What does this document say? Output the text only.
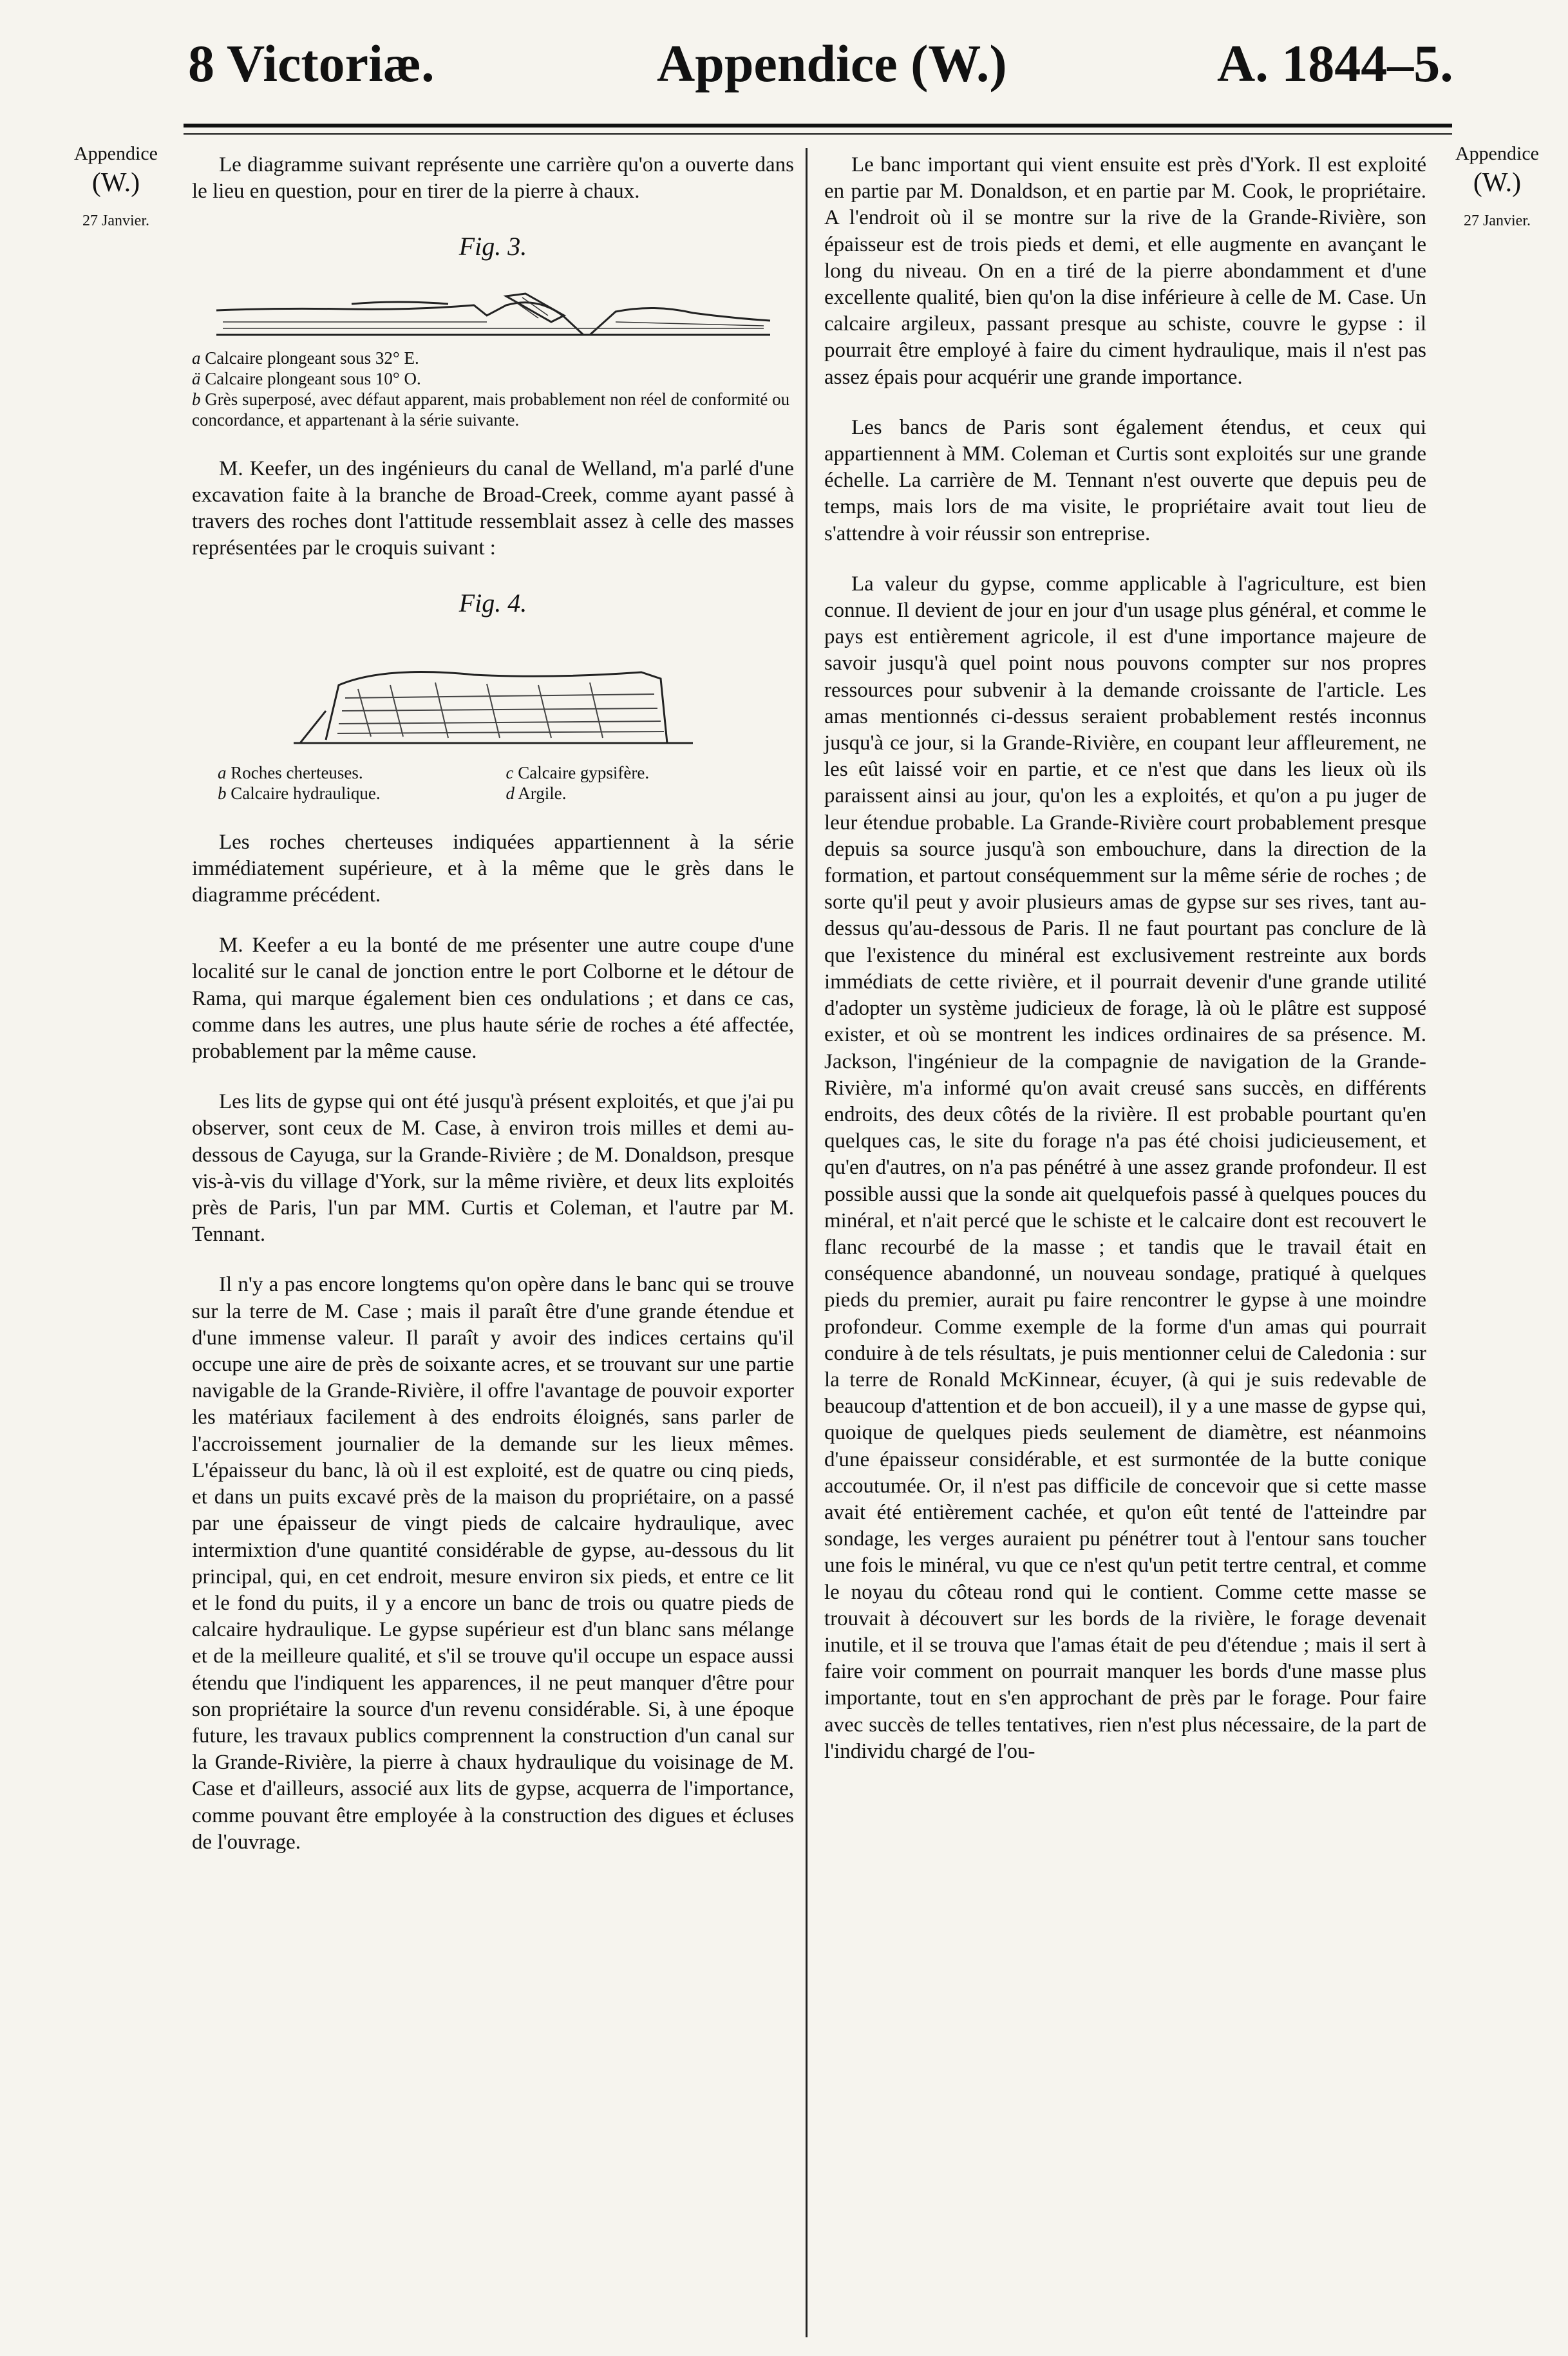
8 Victoriæ.	Appendice (W.)	A. 1844–5.
Appendice
(W.)
27 Janvier.
Appendice
(W.)
27 Janvier.

Le diagramme suivant représente une carrière qu'on a ouverte dans le lieu en question, pour en tirer de la pierre à chaux.

Fig. 3.
a Calcaire plongeant sous 32° E.
ä Calcaire plongeant sous 10° O.
b Grès superposé, avec défaut apparent, mais probablement non réel de conformité ou concordance, et appartenant à la série suivante.

M. Keefer, un des ingénieurs du canal de Welland, m'a parlé d'une excavation faite à la branche de Broad-Creek, comme ayant passé à travers des roches dont l'attitude ressemblait assez à celle des masses représentées par le croquis suivant :

Fig. 4.
a Roches cherteuses.	c Calcaire gypsifère.
b Calcaire hydraulique.	d Argile.

Les roches cherteuses indiquées appartiennent à la série immédiatement supérieure, et à la même que le grès dans le diagramme précédent.

M. Keefer a eu la bonté de me présenter une autre coupe d'une localité sur le canal de jonction entre le port Colborne et le détour de Rama, qui marque également bien ces ondulations ; et dans ce cas, comme dans les autres, une plus haute série de roches a été affectée, probablement par la même cause.

Les lits de gypse qui ont été jusqu'à présent exploités, et que j'ai pu observer, sont ceux de M. Case, à environ trois milles et demi au-dessous de Cayuga, sur la Grande-Rivière ; de M. Donaldson, presque vis-à-vis du village d'York, sur la même rivière, et deux lits exploités près de Paris, l'un par MM. Curtis et Coleman, et l'autre par M. Tennant.

Il n'y a pas encore longtems qu'on opère dans le banc qui se trouve sur la terre de M. Case ; mais il paraît être d'une grande étendue et d'une immense valeur. Il paraît y avoir des indices certains qu'il occupe une aire de près de soixante acres, et se trouvant sur une partie navigable de la Grande-Rivière, il offre l'avantage de pouvoir exporter les matériaux facilement à des endroits éloignés, sans parler de l'accroissement journalier de la demande sur les lieux mêmes. L'épaisseur du banc, là où il est exploité, est de quatre ou cinq pieds, et dans un puits excavé près de la maison du propriétaire, on a passé par une épaisseur de vingt pieds de calcaire hydraulique, avec intermixtion d'une quantité considérable de gypse, au-dessous du lit principal, qui, en cet endroit, mesure environ six pieds, et entre ce lit et le fond du puits, il y a encore un banc de trois ou quatre pieds de calcaire hydraulique. Le gypse supérieur est d'un blanc sans mélange et de la meilleure qualité, et s'il se trouve qu'il occupe un espace aussi étendu que l'indiquent les apparences, il ne peut manquer d'être pour son propriétaire la source d'un revenu considérable. Si, à une époque future, les travaux publics comprennent la construction d'un canal sur la Grande-Rivière, la pierre à chaux hydraulique du voisinage de M. Case et d'ailleurs, associé aux lits de gypse, acquerra de l'importance, comme pouvant être employée à la construction des digues et écluses de l'ouvrage.

Le banc important qui vient ensuite est près d'York. Il est exploité en partie par M. Donaldson, et en partie par M. Cook, le propriétaire. A l'endroit où il se montre sur la rive de la Grande-Rivière, son épaisseur est de trois pieds et demi, et elle augmente en avançant le long du niveau. On en a tiré de la pierre abondamment et d'une excellente qualité, bien qu'on la dise inférieure à celle de M. Case. Un calcaire argileux, passant presque au schiste, couvre le gypse : il pourrait être employé à faire du ciment hydraulique, mais il n'est pas assez épais pour acquérir une grande importance.

Les bancs de Paris sont également étendus, et ceux qui appartiennent à MM. Coleman et Curtis sont exploités sur une grande échelle. La carrière de M. Tennant n'est ouverte que depuis peu de temps, mais lors de ma visite, le propriétaire avait tout lieu de s'attendre à voir réussir son entreprise.

La valeur du gypse, comme applicable à l'agriculture, est bien connue. Il devient de jour en jour d'un usage plus général, et comme le pays est entièrement agricole, il est d'une importance majeure de savoir jusqu'à quel point nous pouvons compter sur nos propres ressources pour subvenir à la demande croissante de l'article. Les amas mentionnés ci-dessus seraient probablement restés inconnus jusqu'à ce jour, si la Grande-Rivière, en coupant leur affleurement, ne les eût laissé voir en partie, et ce n'est que dans les lieux où ils paraissent ainsi au jour, qu'on les a exploités, et qu'on a pu juger de leur étendue probable. La Grande-Rivière court probablement presque depuis sa source jusqu'à son embouchure, dans la direction de la formation, et partout conséquemment sur la même série de roches ; de sorte qu'il peut y avoir plusieurs amas de gypse sur ses rives, tant au-dessus qu'au-dessous de Paris. Il ne faut pourtant pas conclure de là que l'existence du minéral est exclusivement restreinte aux bords immédiats de cette rivière, et il pourrait devenir d'une grande utilité d'adopter un système judicieux de forage, là où le plâtre est supposé exister, et où se montrent les indices ordinaires de sa présence. M. Jackson, l'ingénieur de la compagnie de navigation de la Grande-Rivière, m'a informé qu'on avait creusé sans succès, en différents endroits, des deux côtés de la rivière. Il est probable pourtant qu'en quelques cas, le site du forage n'a pas été choisi judicieusement, et qu'en d'autres, on n'a pas pénétré à une assez grande profondeur. Il est possible aussi que la sonde ait quelquefois passé à quelques pouces du minéral, et n'ait percé que le schiste et le calcaire dont est recouvert le flanc recourbé de la masse ; et tandis que le travail était en conséquence abandonné, un nouveau sondage, pratiqué à quelques pieds du premier, aurait pu faire rencontrer le gypse à une moindre profondeur. Comme exemple de la forme d'un amas qui pourrait conduire à de tels résultats, je puis mentionner celui de Caledonia : sur la terre de Ronald McKinnear, écuyer, (à qui je suis redevable de beaucoup d'attention et de bon accueil), il y a une masse de gypse qui, quoique de quelques pieds seulement de diamètre, est néanmoins d'une épaisseur considérable, et est surmontée de la butte conique accoutumée. Or, il n'est pas difficile de concevoir que si cette masse avait été entièrement cachée, et qu'on eût tenté de l'atteindre par sondage, les verges auraient pu pénétrer tout à l'entour sans toucher une fois le minéral, vu que ce n'est qu'un petit tertre central, et comme le noyau du côteau rond qui le contient. Comme cette masse se trouvait à découvert sur les bords de la rivière, le forage devenait inutile, et il se trouva que l'amas était de peu d'étendue ; mais il sert à faire voir comment on pourrait manquer les bords d'une masse plus importante, tout en s'en approchant de près par le forage. Pour faire avec succès de telles tentatives, rien n'est plus nécessaire, de la part de l'individu chargé de l'ou-
